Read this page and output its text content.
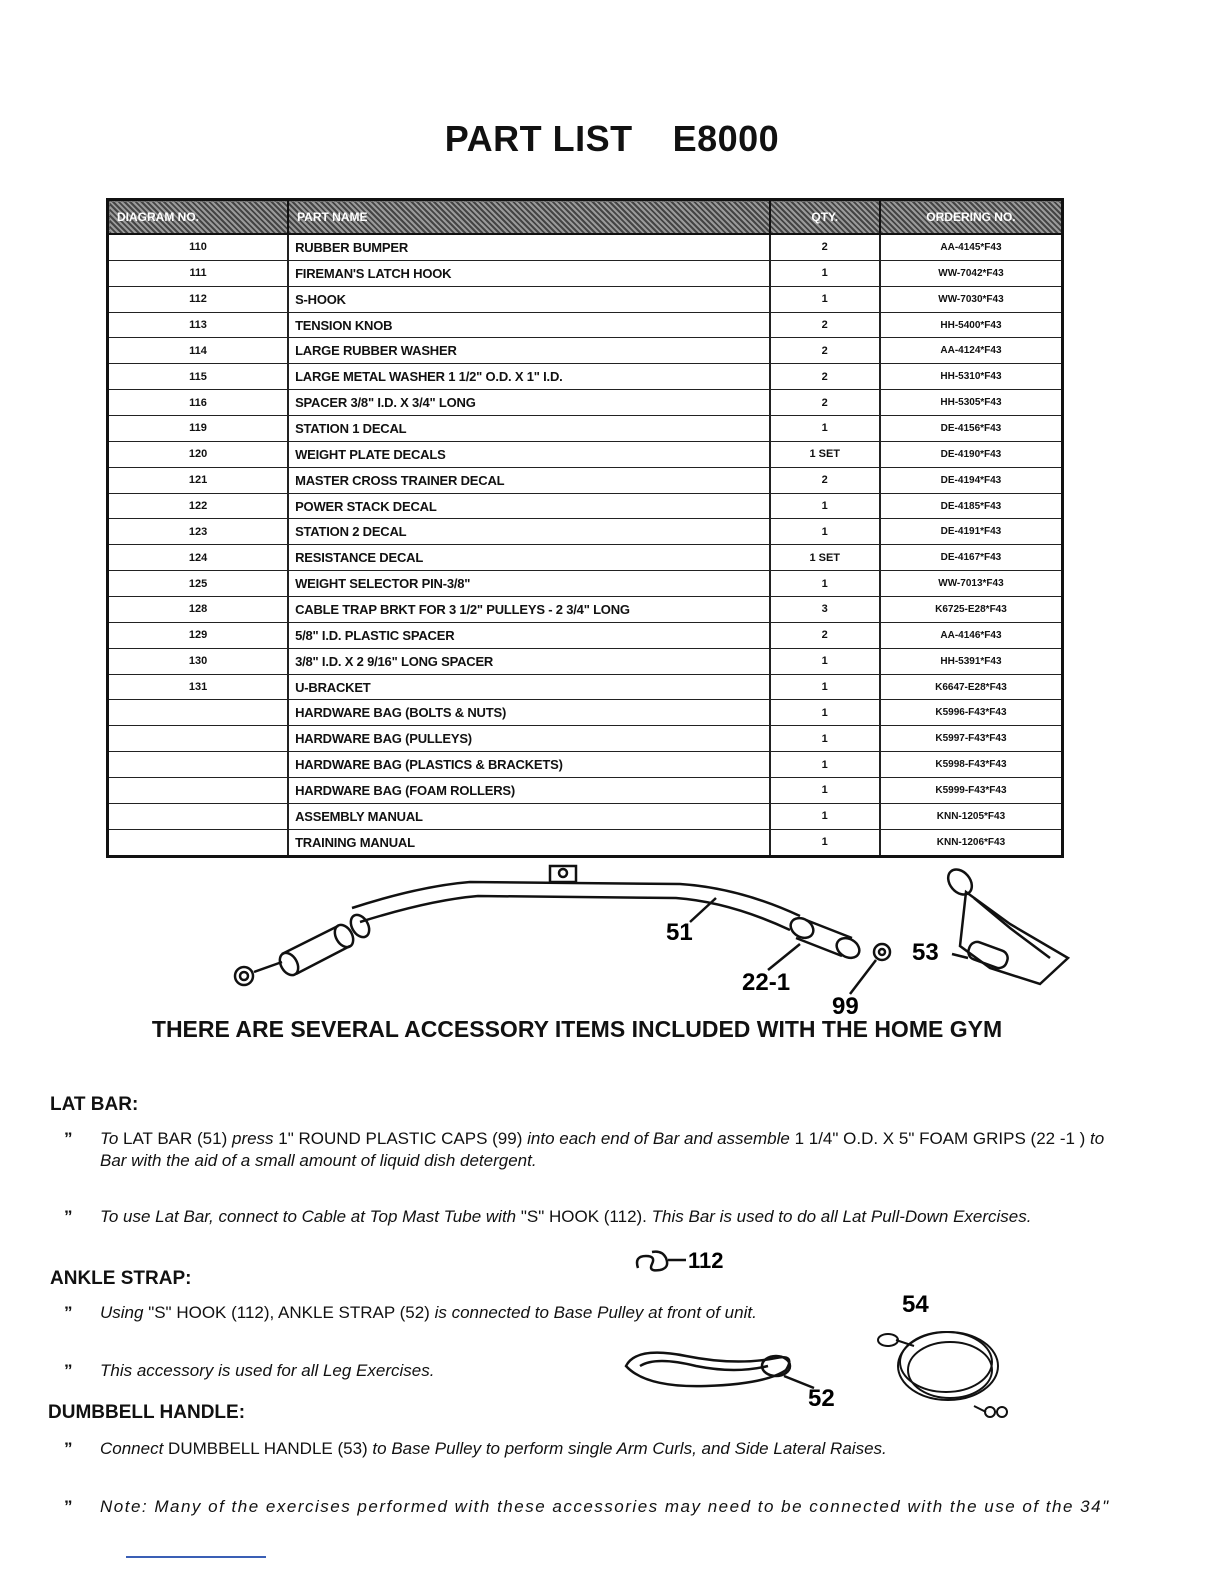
PART LIST E8000
DIAGRAM NO.	PART NAME	QTY.	ORDERING NO.
110	RUBBER BUMPER	2	AA-4145*F43
111	FIREMAN'S LATCH HOOK	1	WW-7042*F43
112	S-HOOK	1	WW-7030*F43
113	TENSION KNOB	2	HH-5400*F43
114	LARGE RUBBER WASHER	2	AA-4124*F43
115	LARGE METAL WASHER 1 1/2" O.D. X 1" I.D.	2	HH-5310*F43
116	SPACER 3/8" I.D. X 3/4" LONG	2	HH-5305*F43
119	STATION 1 DECAL	1	DE-4156*F43
120	WEIGHT PLATE DECALS	1 SET	DE-4190*F43
121	MASTER CROSS TRAINER DECAL	2	DE-4194*F43
122	POWER STACK DECAL	1	DE-4185*F43
123	STATION 2 DECAL	1	DE-4191*F43
124	RESISTANCE DECAL	1 SET	DE-4167*F43
125	WEIGHT SELECTOR PIN-3/8"	1	WW-7013*F43
128	CABLE TRAP BRKT FOR 3 1/2" PULLEYS - 2 3/4" LONG	3	K6725-E28*F43
129	5/8" I.D. PLASTIC SPACER	2	AA-4146*F43
130	3/8" I.D. X 2 9/16" LONG SPACER	1	HH-5391*F43
131	U-BRACKET	1	K6647-E28*F43
	HARDWARE BAG (BOLTS & NUTS)	1	K5996-F43*F43
	HARDWARE BAG (PULLEYS)	1	K5997-F43*F43
	HARDWARE BAG (PLASTICS & BRACKETS)	1	K5998-F43*F43
	HARDWARE BAG (FOAM ROLLERS)	1	K5999-F43*F43
	ASSEMBLY MANUAL	1	KNN-1205*F43
	TRAINING MANUAL	1	KNN-1206*F43
51
22-1
99
53
THERE ARE SEVERAL ACCESSORY ITEMS INCLUDED WITH THE HOME GYM
LAT BAR:
” To LAT BAR (51) press 1" ROUND PLASTIC CAPS (99) into each end of Bar and assemble 1 1/4" O.D. X 5" FOAM GRIPS (22 -1 ) to Bar with the aid of a small amount of liquid dish detergent.
” To use Lat Bar, connect to Cable at Top Mast Tube with "S" HOOK (112). This Bar is used to do all Lat Pull-Down Exercises.
112
ANKLE STRAP:
” Using "S" HOOK (112), ANKLE STRAP (52) is connected to Base Pulley at front of unit.
” This accessory is used for all Leg Exercises.
52
54
DUMBBELL HANDLE:
” Connect DUMBBELL HANDLE (53) to Base Pulley to perform single Arm Curls, and Side Lateral Raises.
” Note: Many of the exercises performed with these accessories may need to be connected with the use of the 34"
